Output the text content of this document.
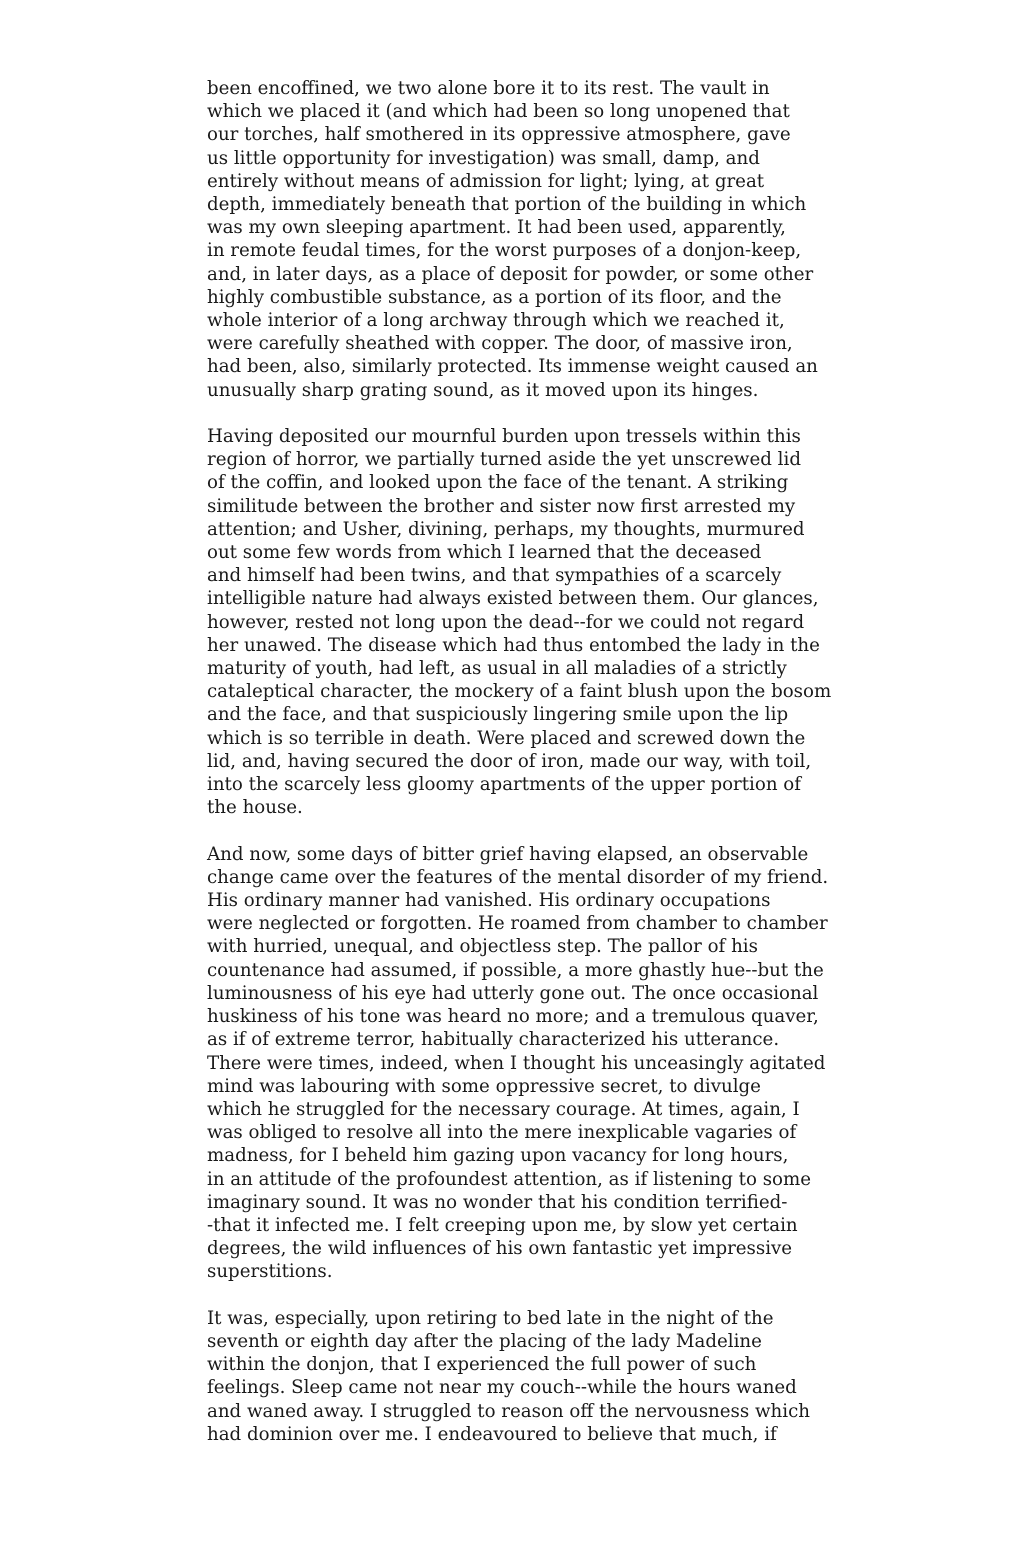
been encoffined, we two alone bore it to its rest. The vault in
which we placed it (and which had been so long unopened that
our torches, half smothered in its oppressive atmosphere, gave
us little opportunity for investigation) was small, damp, and
entirely without means of admission for light; lying, at great
depth, immediately beneath that portion of the building in which
was my own sleeping apartment. It had been used, apparently,
in remote feudal times, for the worst purposes of a donjon-keep,
and, in later days, as a place of deposit for powder, or some other
highly combustible substance, as a portion of its floor, and the
whole interior of a long archway through which we reached it,
were carefully sheathed with copper. The door, of massive iron,
had been, also, similarly protected. Its immense weight caused an
unusually sharp grating sound, as it moved upon its hinges.

Having deposited our mournful burden upon tressels within this
region of horror, we partially turned aside the yet unscrewed lid
of the coffin, and looked upon the face of the tenant. A striking
similitude between the brother and sister now first arrested my
attention; and Usher, divining, perhaps, my thoughts, murmured
out some few words from which I learned that the deceased
and himself had been twins, and that sympathies of a scarcely
intelligible nature had always existed between them. Our glances,
however, rested not long upon the dead--for we could not regard
her unawed. The disease which had thus entombed the lady in the
maturity of youth, had left, as usual in all maladies of a strictly
cataleptical character, the mockery of a faint blush upon the bosom
and the face, and that suspiciously lingering smile upon the lip
which is so terrible in death. Were placed and screwed down the
lid, and, having secured the door of iron, made our way, with toil,
into the scarcely less gloomy apartments of the upper portion of
the house.

And now, some days of bitter grief having elapsed, an observable
change came over the features of the mental disorder of my friend.
His ordinary manner had vanished. His ordinary occupations
were neglected or forgotten. He roamed from chamber to chamber
with hurried, unequal, and objectless step. The pallor of his
countenance had assumed, if possible, a more ghastly hue--but the
luminousness of his eye had utterly gone out. The once occasional
huskiness of his tone was heard no more; and a tremulous quaver,
as if of extreme terror, habitually characterized his utterance.
There were times, indeed, when I thought his unceasingly agitated
mind was labouring with some oppressive secret, to divulge
which he struggled for the necessary courage. At times, again, I
was obliged to resolve all into the mere inexplicable vagaries of
madness, for I beheld him gazing upon vacancy for long hours,
in an attitude of the profoundest attention, as if listening to some
imaginary sound. It was no wonder that his condition terrified-
-that it infected me. I felt creeping upon me, by slow yet certain
degrees, the wild influences of his own fantastic yet impressive
superstitions.

It was, especially, upon retiring to bed late in the night of the
seventh or eighth day after the placing of the lady Madeline
within the donjon, that I experienced the full power of such
feelings. Sleep came not near my couch--while the hours waned
and waned away. I struggled to reason off the nervousness which
had dominion over me. I endeavoured to believe that much, if
